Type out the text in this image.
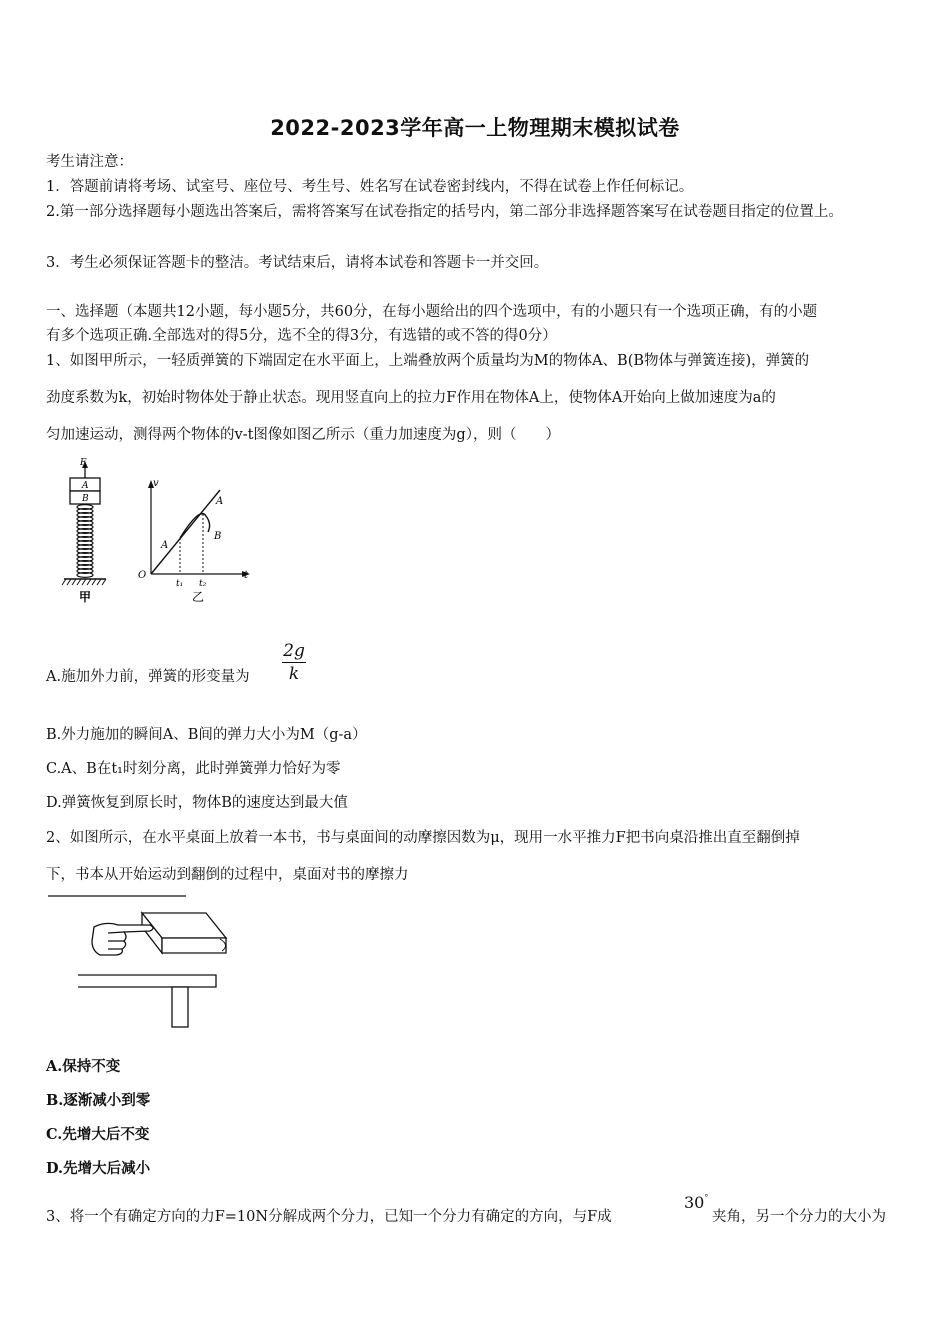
2022-2023学年高一上物理期末模拟试卷
考生请注意：
1．答题前请将考场、试室号、座位号、考生号、姓名写在试卷密封线内，不得在试卷上作任何标记。
2.第一部分选择题每小题选出答案后，需将答案写在试卷指定的括号内，第二部分非选择题答案写在试卷题目指定的位置上。
3．考生必须保证答题卡的整洁。考试结束后，请将本试卷和答题卡一并交回。
一、选择题（本题共12小题，每小题5分，共60分，在每小题给出的四个选项中，有的小题只有一个选项正确，有的小题
有多个选项正确.全部选对的得5分，选不全的得3分，有选错的或不答的得0分）
1、如图甲所示，一轻质弹簧的下端固定在水平面上，上端叠放两个质量均为M的物体A、B(B物体与弹簧连接)，弹簧的
劲度系数为k，初始时物体处于静止状态。现用竖直向上的拉力F作用在物体A上，使物体A开始向上做加速度为a的
匀加速运动，测得两个物体的v-t图像如图乙所示（重力加速度为g），则（　　）
F
A
B
甲
v
t
O
A
B
A
t₁ t₂
乙
A.施加外力前，弹簧的形变量为
2g
k
B.外力施加的瞬间A、B间的弹力大小为M（g-a）
C.A、B在t₁时刻分离，此时弹簧弹力恰好为零
D.弹簧恢复到原长时，物体B的速度达到最大值
2、如图所示，在水平桌面上放着一本书，书与桌面间的动摩擦因数为μ，现用一水平推力F把书向桌沿推出直至翻倒掉
下，书本从开始运动到翻倒的过程中，桌面对书的摩擦力
A.保持不变
B.逐渐减小到零
C.先增大后不变
D.先增大后减小
3、将一个有确定方向的力F=10N分解成两个分力，已知一个分力有确定的方向，与F成
30°
夹角，另一个分力的大小为
